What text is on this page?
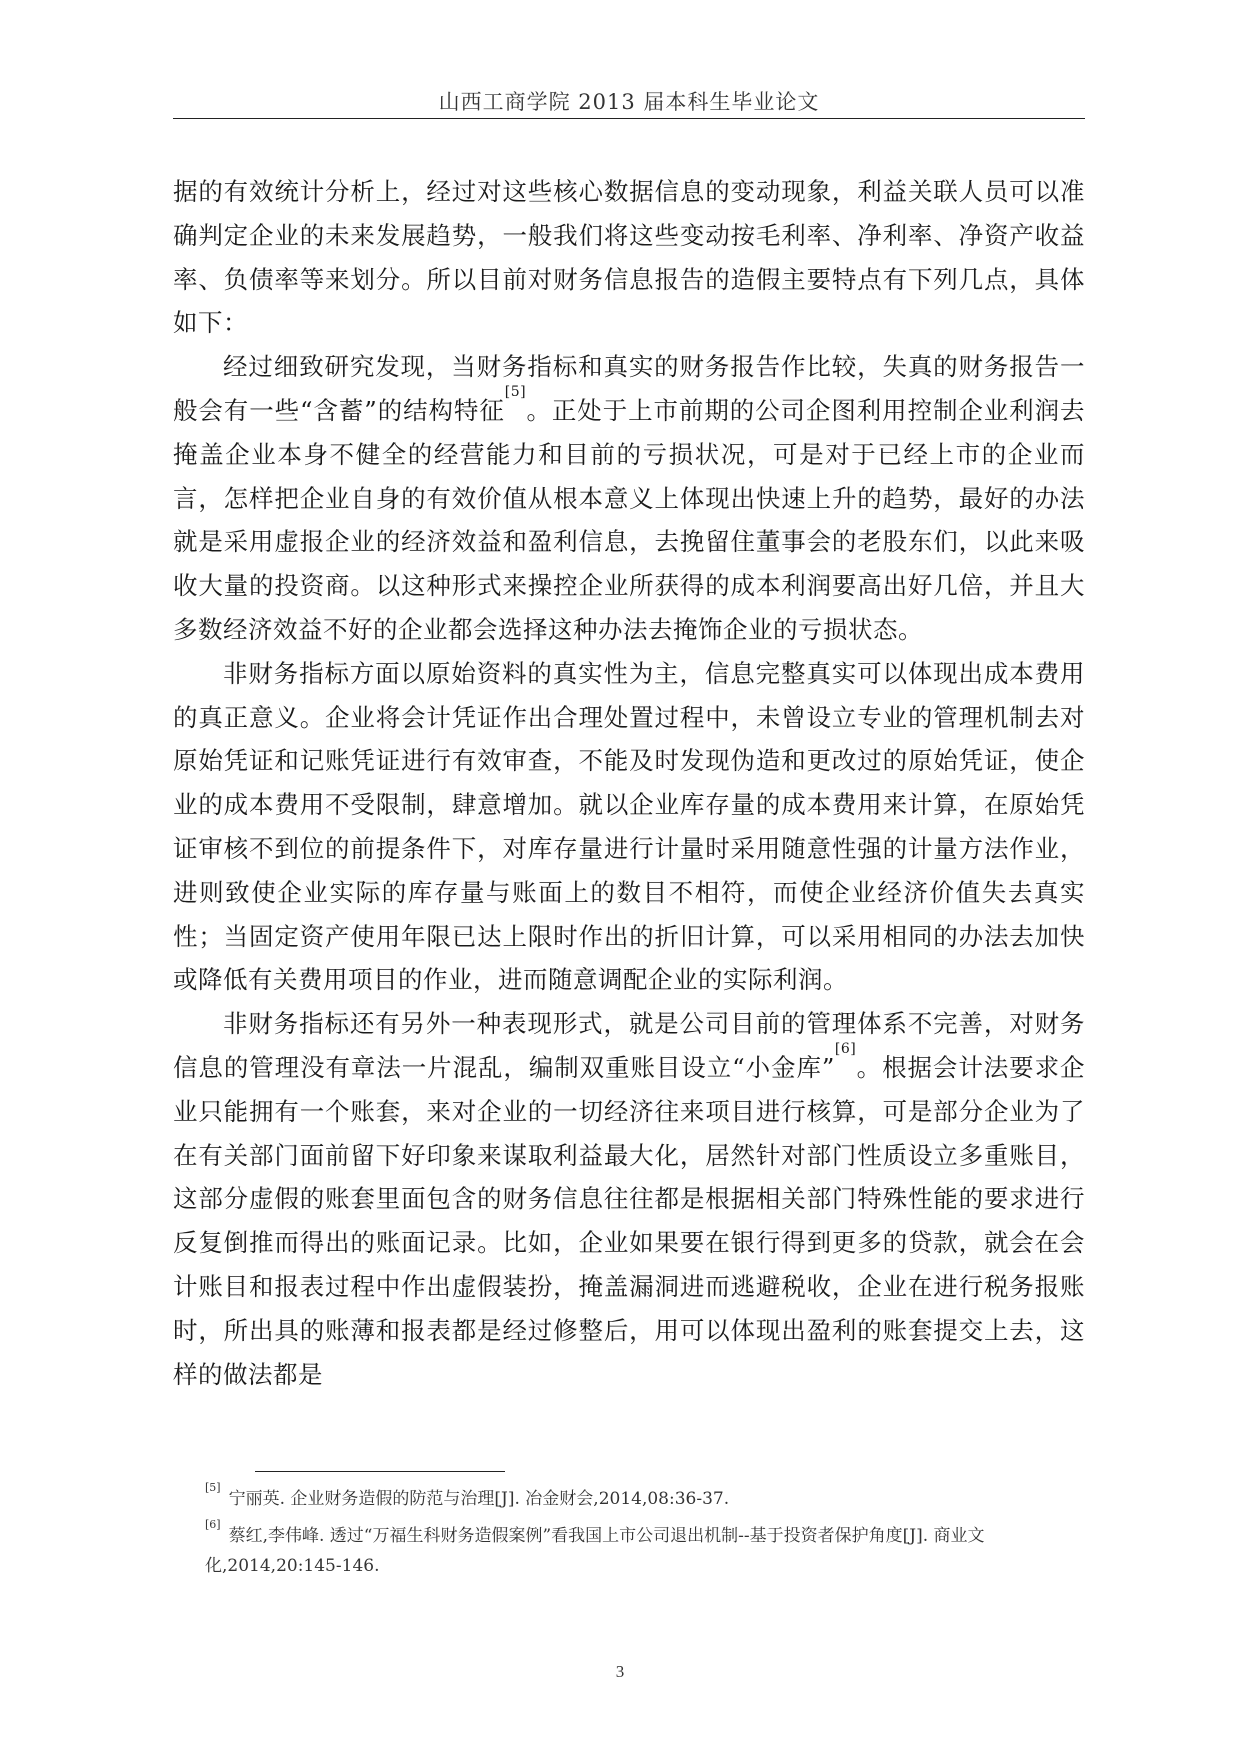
山西工商学院 2013 届本科生毕业论文

据的有效统计分析上，经过对这些核心数据信息的变动现象，利益关联人员可以准确判定企业的未来发展趋势，一般我们将这些变动按毛利率、净利率、净资产收益率、负债率等来划分。所以目前对财务信息报告的造假主要特点有下列几点，具体如下：

经过细致研究发现，当财务指标和真实的财务报告作比较，失真的财务报告一般会有一些“含蓄”的结构特征[5]。正处于上市前期的公司企图利用控制企业利润去掩盖企业本身不健全的经营能力和目前的亏损状况，可是对于已经上市的企业而言，怎样把企业自身的有效价值从根本意义上体现出快速上升的趋势，最好的办法就是采用虚报企业的经济效益和盈利信息，去挽留住董事会的老股东们，以此来吸收大量的投资商。以这种形式来操控企业所获得的成本利润要高出好几倍，并且大多数经济效益不好的企业都会选择这种办法去掩饰企业的亏损状态。

非财务指标方面以原始资料的真实性为主，信息完整真实可以体现出成本费用的真正意义。企业将会计凭证作出合理处置过程中，未曾设立专业的管理机制去对原始凭证和记账凭证进行有效审查，不能及时发现伪造和更改过的原始凭证，使企业的成本费用不受限制，肆意增加。就以企业库存量的成本费用来计算，在原始凭证审核不到位的前提条件下，对库存量进行计量时采用随意性强的计量方法作业，进则致使企业实际的库存量与账面上的数目不相符，而使企业经济价值失去真实性；当固定资产使用年限已达上限时作出的折旧计算，可以采用相同的办法去加快或降低有关费用项目的作业，进而随意调配企业的实际利润。

非财务指标还有另外一种表现形式，就是公司目前的管理体系不完善，对财务信息的管理没有章法一片混乱，编制双重账目设立“小金库”[6]。根据会计法要求企业只能拥有一个账套，来对企业的一切经济往来项目进行核算，可是部分企业为了在有关部门面前留下好印象来谋取利益最大化，居然针对部门性质设立多重账目，这部分虚假的账套里面包含的财务信息往往都是根据相关部门特殊性能的要求进行反复倒推而得出的账面记录。比如，企业如果要在银行得到更多的贷款，就会在会计账目和报表过程中作出虚假装扮，掩盖漏洞进而逃避税收，企业在进行税务报账时，所出具的账薄和报表都是经过修整后，用可以体现出盈利的账套提交上去，这样的做法都是

[5]宁丽英. 企业财务造假的防范与治理[J]. 冶金财会,2014,08:36-37.

[6]蔡红,李伟峰. 透过“万福生科财务造假案例”看我国上市公司退出机制--基于投资者保护角度[J]. 商业文化,2014,20:145-146.

3
